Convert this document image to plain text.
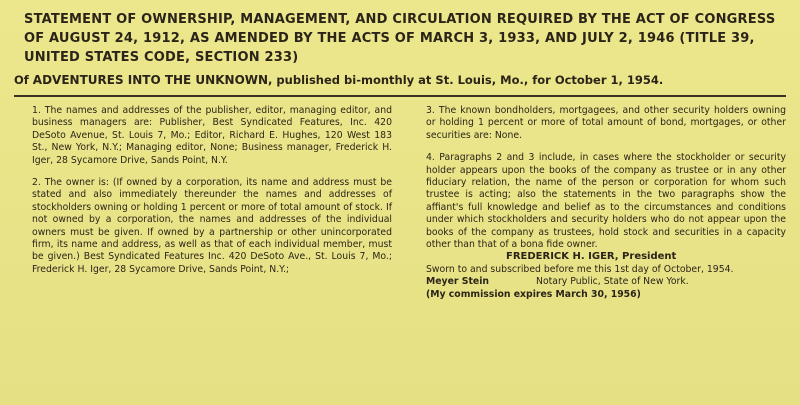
STATEMENT OF OWNERSHIP, MANAGEMENT, AND CIRCULATION REQUIRED BY THE ACT OF CONGRESS OF AUGUST 24, 1912, AS AMENDED BY THE ACTS OF MARCH 3, 1933, AND JULY 2, 1946 (TITLE 39, UNITED STATES CODE, SECTION 233)
Of ADVENTURES INTO THE UNKNOWN, published bi-monthly at St. Louis, Mo., for October 1, 1954.

1. The names and addresses of the publisher, editor, managing editor, and business managers are: Publisher, Best Syndicated Features, Inc. 420 DeSoto Avenue, St. Louis 7, Mo.; Editor, Richard E. Hughes, 120 West 183 St., New York, N.Y.; Managing editor, None; Business manager, Frederick H. Iger, 28 Sycamore Drive, Sands Point, N.Y.

2. The owner is: (If owned by a corporation, its name and address must be stated and also immediately thereunder the names and addresses of stockholders owning or holding 1 percent or more of total amount of stock. If not owned by a corporation, the names and addresses of the individual owners must be given. If owned by a partnership or other unincorporated firm, its name and address, as well as that of each individual member, must be given.) Best Syndicated Features Inc. 420 DeSoto Ave., St. Louis 7, Mo.; Frederick H. Iger, 28 Sycamore Drive, Sands Point, N.Y.;

3. The known bondholders, mortgagees, and other security holders owning or holding 1 percent or more of total amount of bond, mortgages, or other securities are: None.

4. Paragraphs 2 and 3 include, in cases where the stockholder or security holder appears upon the books of the company as trustee or in any other fiduciary relation, the name of the person or corporation for whom such trustee is acting; also the statements in the two paragraphs show the affiant's full knowledge and belief as to the circumstances and conditions under which stockholders and security holders who do not appear upon the books of the company as trustees, hold stock and securities in a capacity other than that of a bona fide owner.

FREDERICK H. IGER, President
Sworn to and subscribed before me this 1st day of October, 1954.
Meyer Stein	Notary Public, State of New York.
(My commission expires March 30, 1956)
